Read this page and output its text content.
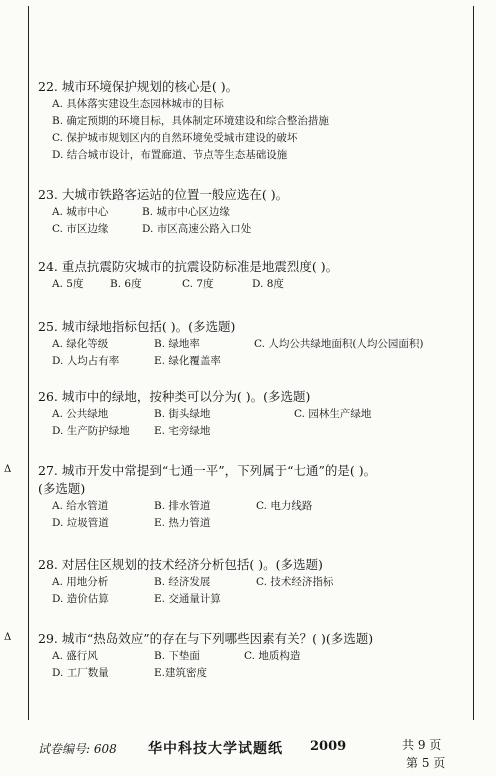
22. 城市环境保护规划的核心是( )。
A. 具体落实建设生态园林城市的目标
B. 确定预期的环境目标，具体制定环境建设和综合整治措施
C. 保护城市规划区内的自然环境免受城市建设的破坏
D. 结合城市设计，布置廊道、节点等生态基础设施
23. 大城市铁路客运站的位置一般应选在( )。
A. 城市中心	B. 城市中心区边缘
C. 市区边缘	D. 市区高速公路入口处
24. 重点抗震防灾城市的抗震设防标准是地震烈度( )。
A. 5度	B. 6度	C. 7度	D. 8度
25. 城市绿地指标包括( )。(多选题)
A. 绿化等级	B. 绿地率	C. 人均公共绿地面积(人均公园面积)
D. 人均占有率	E. 绿化覆盖率
26. 城市中的绿地，按种类可以分为( )。(多选题)
A. 公共绿地	B. 街头绿地	C. 园林生产绿地
D. 生产防护绿地 E. 宅旁绿地
Δ 27. 城市开发中常提到“七通一平”，下列属于“七通”的是( )。
(多选题)
A. 给水管道	B. 排水管道	C. 电力线路
D. 垃圾管道	E. 热力管道
28. 对居住区规划的技术经济分析包括( )。(多选题)
A. 用地分析	B. 经济发展	C. 技术经济指标
D. 造价估算	E. 交通量计算
Δ 29. 城市“热岛效应”的存在与下列哪些因素有关？( )(多选题)
A. 盛行风	B. 下垫面	C. 地质构造
D. 工厂数量	E.建筑密度
试卷编号: 608 华中科技大学试题纸 2009	共 9 页
第 5 页
